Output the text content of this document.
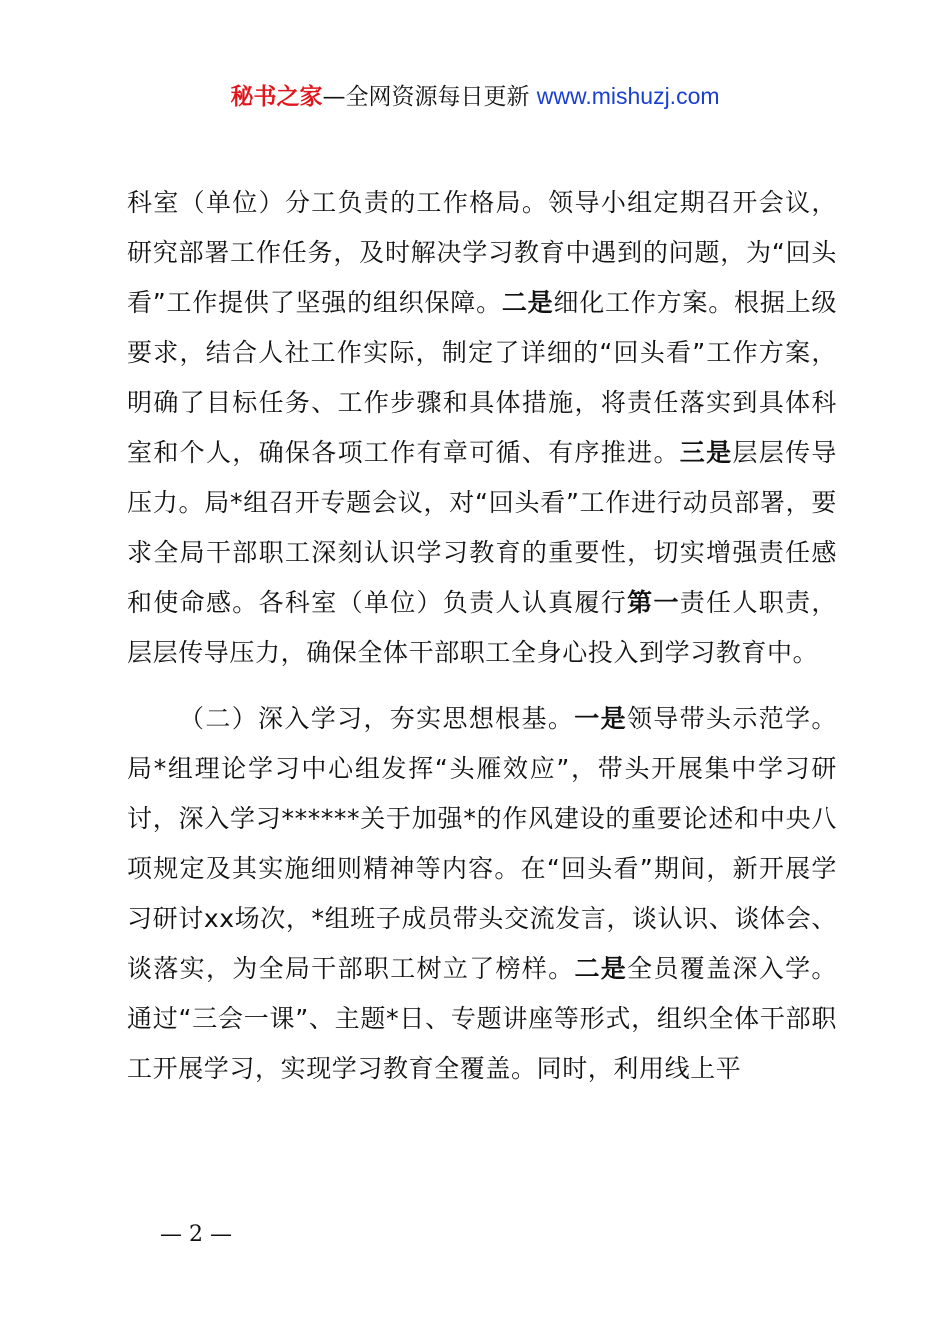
秘书之家—全网资源每日更新 www.mishuzj.com

科室（单位）分工负责的工作格局。领导小组定期召开会议，研究部署工作任务，及时解决学习教育中遇到的问题，为“回头看”工作提供了坚强的组织保障。二是细化工作方案。根据上级要求，结合人社工作实际，制定了详细的“回头看”工作方案，明确了目标任务、工作步骤和具体措施，将责任落实到具体科室和个人，确保各项工作有章可循、有序推进。三是层层传导压力。局*组召开专题会议，对“回头看”工作进行动员部署，要求全局干部职工深刻认识学习教育的重要性，切实增强责任感和使命感。各科室（单位）负责人认真履行第一责任人职责，层层传导压力，确保全体干部职工全身心投入到学习教育中。

（二）深入学习，夯实思想根基。一是领导带头示范学。局*组理论学习中心组发挥“头雁效应”，带头开展集中学习研讨，深入学习******关于加强*的作风建设的重要论述和中央八项规定及其实施细则精神等内容。在“回头看”期间，新开展学习研讨xx场次，*组班子成员带头交流发言，谈认识、谈体会、谈落实，为全局干部职工树立了榜样。二是全员覆盖深入学。通过“三会一课”、主题*日、专题讲座等形式，组织全体干部职工开展学习，实现学习教育全覆盖。同时，利用线上平

— 2 —
